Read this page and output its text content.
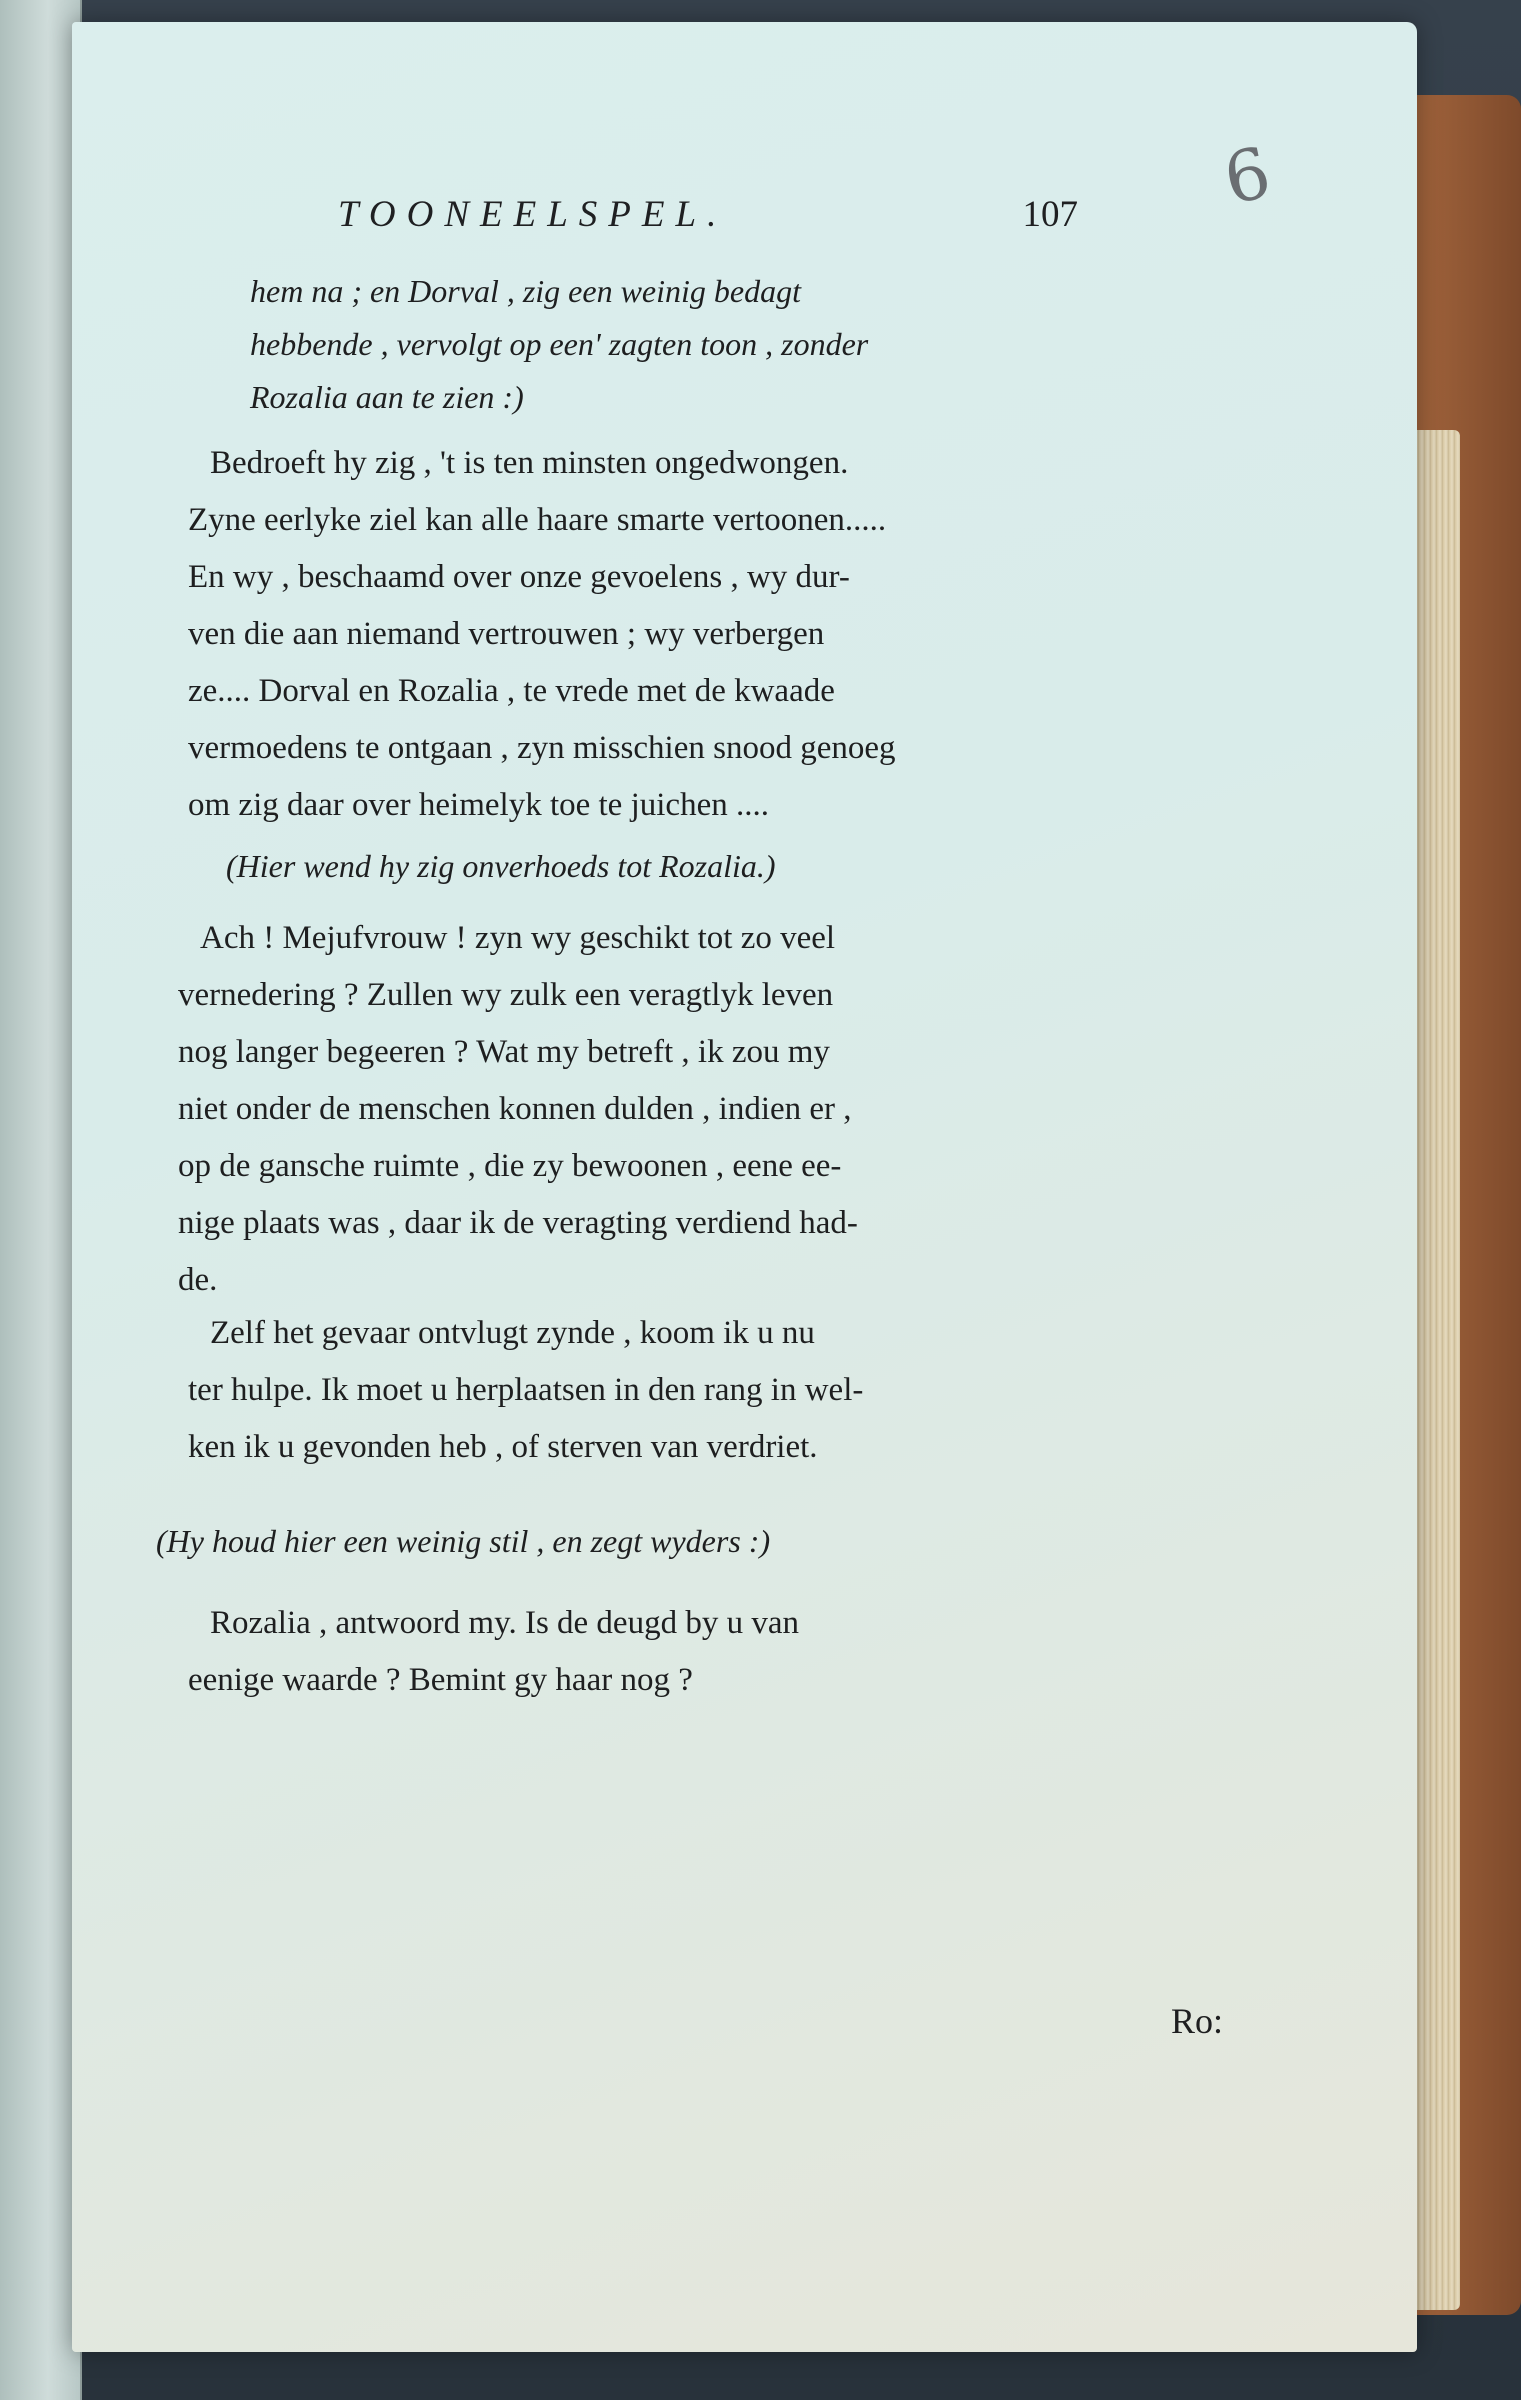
6
TOONEELSPEL.	107
hem na ; en Dorval , zig een weinig bedagt
hebbende , vervolgt op een' zagten toon , zonder
Rozalia aan te zien :)
Bedroeft hy zig , 't is ten minsten ongedwongen.
Zyne eerlyke ziel kan alle haare smarte vertoonen.....
En wy , beschaamd over onze gevoelens , wy dur-
ven die aan niemand vertrouwen ; wy verbergen
ze.... Dorval en Rozalia , te vrede met de kwaade
vermoedens te ontgaan , zyn misschien snood genoeg
om zig daar over heimelyk toe te juichen ....
(Hier wend hy zig onverhoeds tot Rozalia.)
Ach ! Mejufvrouw ! zyn wy geschikt tot zo veel
vernedering ? Zullen wy zulk een veragtlyk leven
nog langer begeeren ? Wat my betreft , ik zou my
niet onder de menschen konnen dulden , indien er ,
op de gansche ruimte , die zy bewoonen , eene ee-
nige plaats was , daar ik de veragting verdiend had-
de.
Zelf het gevaar ontvlugt zynde , koom ik u nu
ter hulpe. Ik moet u herplaatsen in den rang in wel-
ken ik u gevonden heb , of sterven van verdriet.
(Hy houd hier een weinig stil , en zegt wyders :)
Rozalia , antwoord my. Is de deugd by u van
eenige waarde ? Bemint gy haar nog ?
Ro:
